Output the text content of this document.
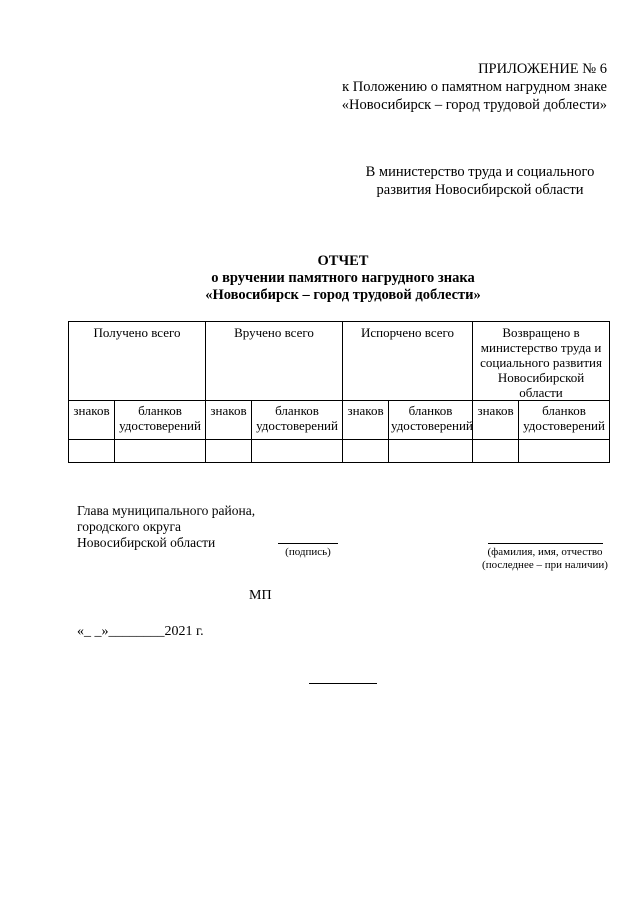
ПРИЛОЖЕНИЕ № 6
к Положению о памятном нагрудном знаке
«Новосибирск – город трудовой доблести»
В министерство труда и социального
развития Новосибирской области
ОТЧЕТ
о вручении памятного нагрудного знака
«Новосибирск – город трудовой доблести»
Получено всего		Вручено всего		Испорчено всего		Возвращено в министерство труда и социального развития Новосибирской области	
знаков	бланков удостоверений	знаков	бланков удостоверений	знаков	бланков удостоверений	знаков	бланков удостоверений

Глава муниципального района,
городского округа
Новосибирской области
(подпись)	(фамилия, имя, отчество
(последнее – при наличии)
МП
«_ _»________2021 г.
